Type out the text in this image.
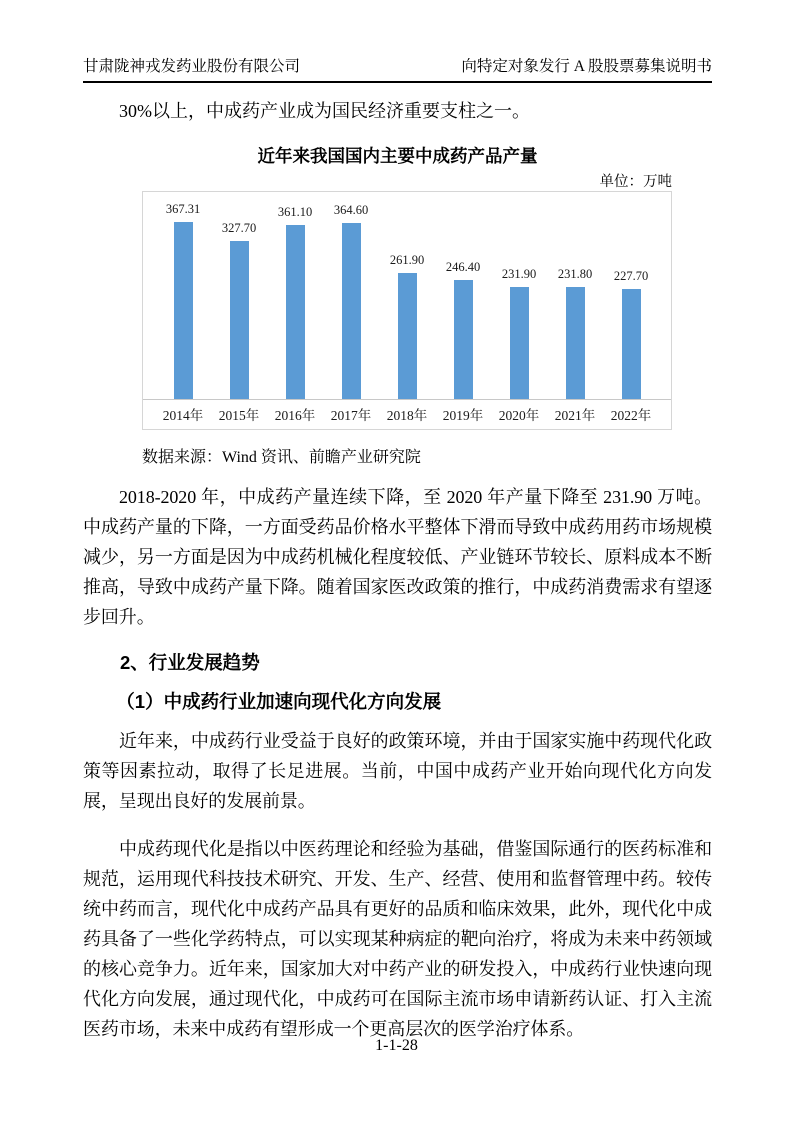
甘肃陇神戎发药业股份有限公司	向特定对象发行 A 股股票募集说明书

30%以上，中成药产业成为国民经济重要支柱之一。

近年来我国国内主要中成药产品产量
单位：万吨
367.31
327.70
361.10 364.60
261.90
246.40 231.90 231.80 227.70
2014年	2015年	2016年	2017年	2018年	2019年	2020年	2021年	2022年
数据来源：Wind 资讯、前瞻产业研究院

2018-2020 年，中成药产量连续下降，至 2020 年产量下降至 231.90 万吨。中成药产量的下降，一方面受药品价格水平整体下滑而导致中成药用药市场规模减少，另一方面是因为中成药机械化程度较低、产业链环节较长、原料成本不断推高，导致中成药产量下降。随着国家医改政策的推行，中成药消费需求有望逐步回升。

2、行业发展趋势
（1）中成药行业加速向现代化方向发展

近年来，中成药行业受益于良好的政策环境，并由于国家实施中药现代化政策等因素拉动，取得了长足进展。当前，中国中成药产业开始向现代化方向发展，呈现出良好的发展前景。

中成药现代化是指以中医药理论和经验为基础，借鉴国际通行的医药标准和规范，运用现代科技技术研究、开发、生产、经营、使用和监督管理中药。较传统中药而言，现代化中成药产品具有更好的品质和临床效果，此外，现代化中成药具备了一些化学药特点，可以实现某种病症的靶向治疗，将成为未来中药领域的核心竞争力。近年来，国家加大对中药产业的研发投入，中成药行业快速向现代化方向发展，通过现代化，中成药可在国际主流市场申请新药认证、打入主流医药市场，未来中成药有望形成一个更高层次的医学治疗体系。

1-1-28
